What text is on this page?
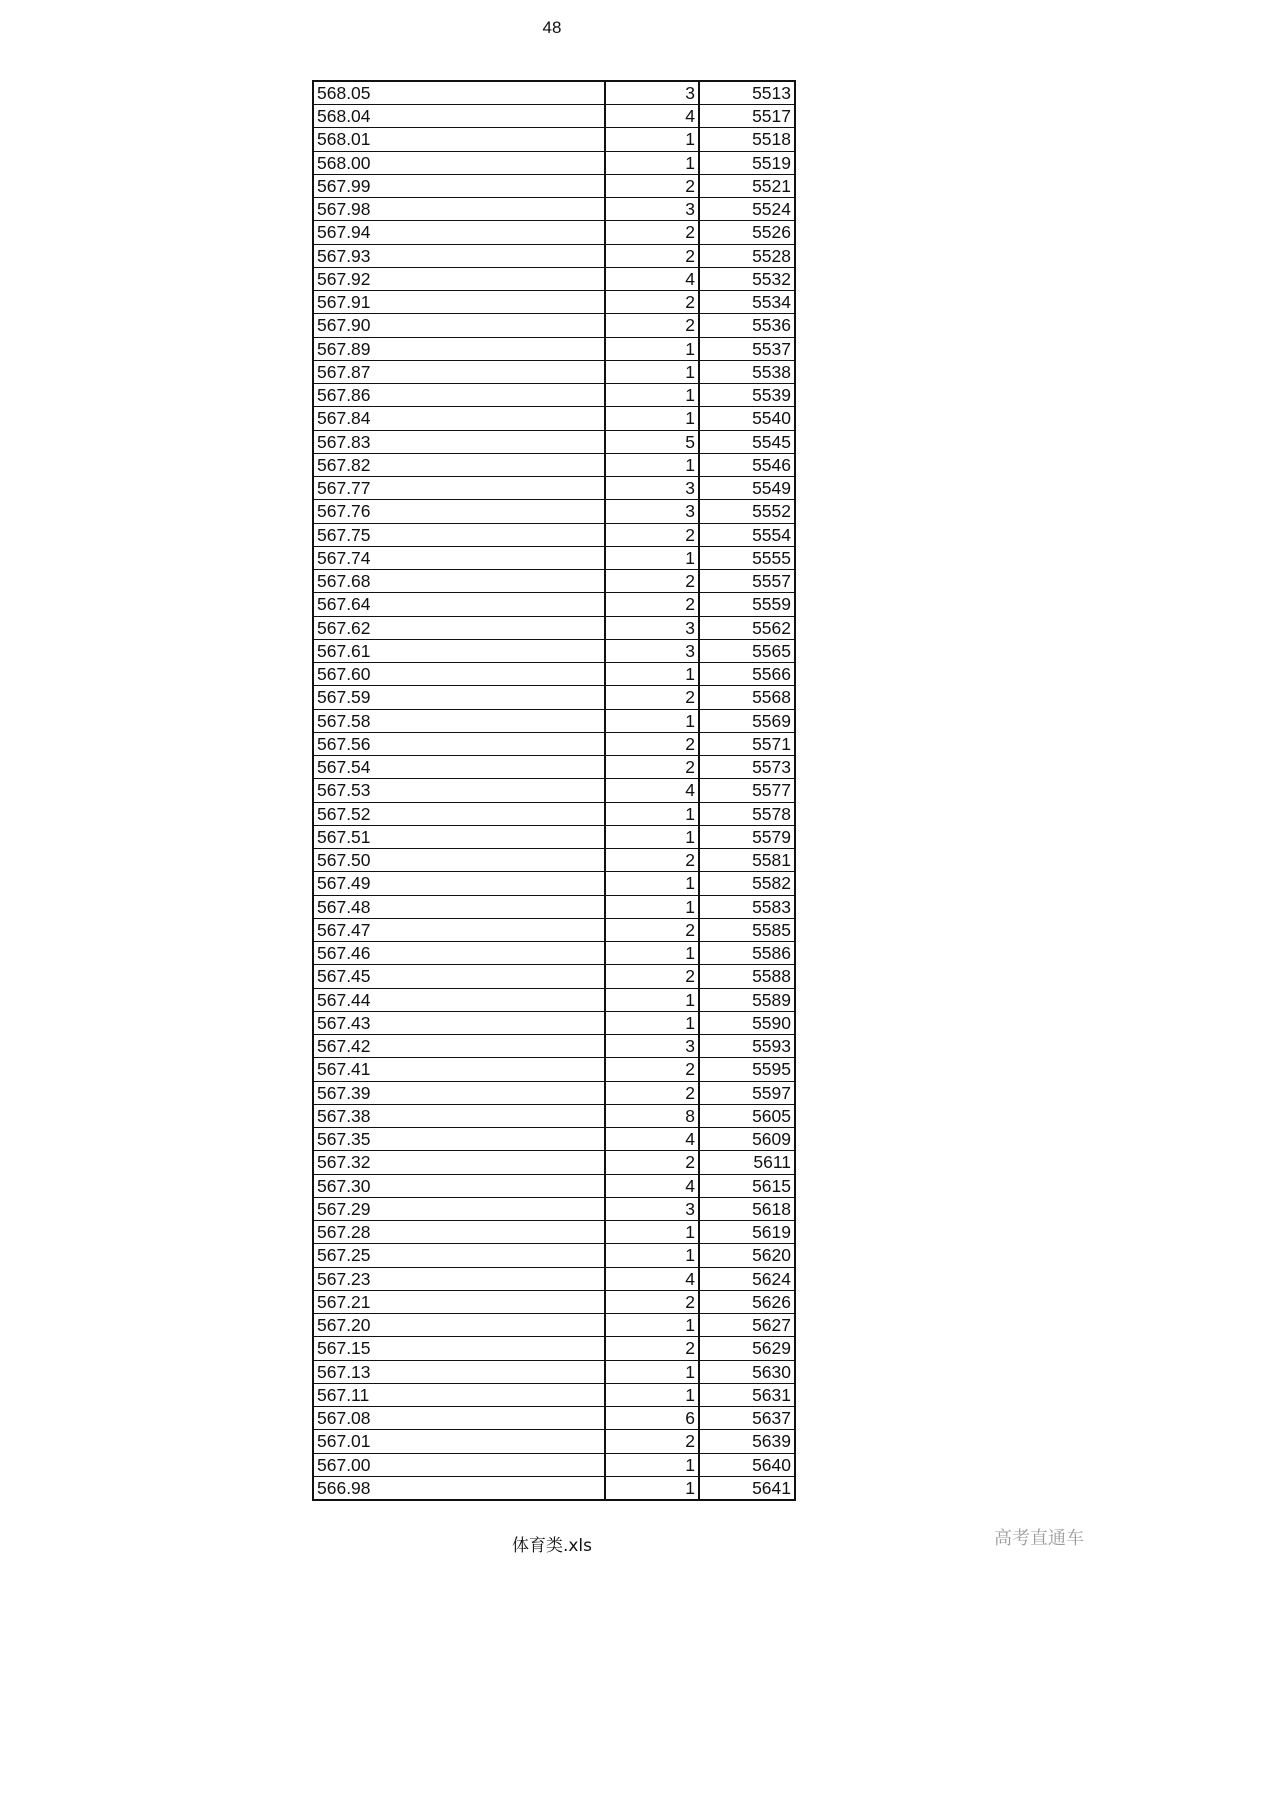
48
568.05	3	5513
568.04	4	5517
568.01	1	5518
568.00	1	5519
567.99	2	5521
567.98	3	5524
567.94	2	5526
567.93	2	5528
567.92	4	5532
567.91	2	5534
567.90	2	5536
567.89	1	5537
567.87	1	5538
567.86	1	5539
567.84	1	5540
567.83	5	5545
567.82	1	5546
567.77	3	5549
567.76	3	5552
567.75	2	5554
567.74	1	5555
567.68	2	5557
567.64	2	5559
567.62	3	5562
567.61	3	5565
567.60	1	5566
567.59	2	5568
567.58	1	5569
567.56	2	5571
567.54	2	5573
567.53	4	5577
567.52	1	5578
567.51	1	5579
567.50	2	5581
567.49	1	5582
567.48	1	5583
567.47	2	5585
567.46	1	5586
567.45	2	5588
567.44	1	5589
567.43	1	5590
567.42	3	5593
567.41	2	5595
567.39	2	5597
567.38	8	5605
567.35	4	5609
567.32	2	5611
567.30	4	5615
567.29	3	5618
567.28	1	5619
567.25	1	5620
567.23	4	5624
567.21	2	5626
567.20	1	5627
567.15	2	5629
567.13	1	5630
567.11	1	5631
567.08	6	5637
567.01	2	5639
567.00	1	5640
566.98	1	5641
体育类.xls	高考直通车
